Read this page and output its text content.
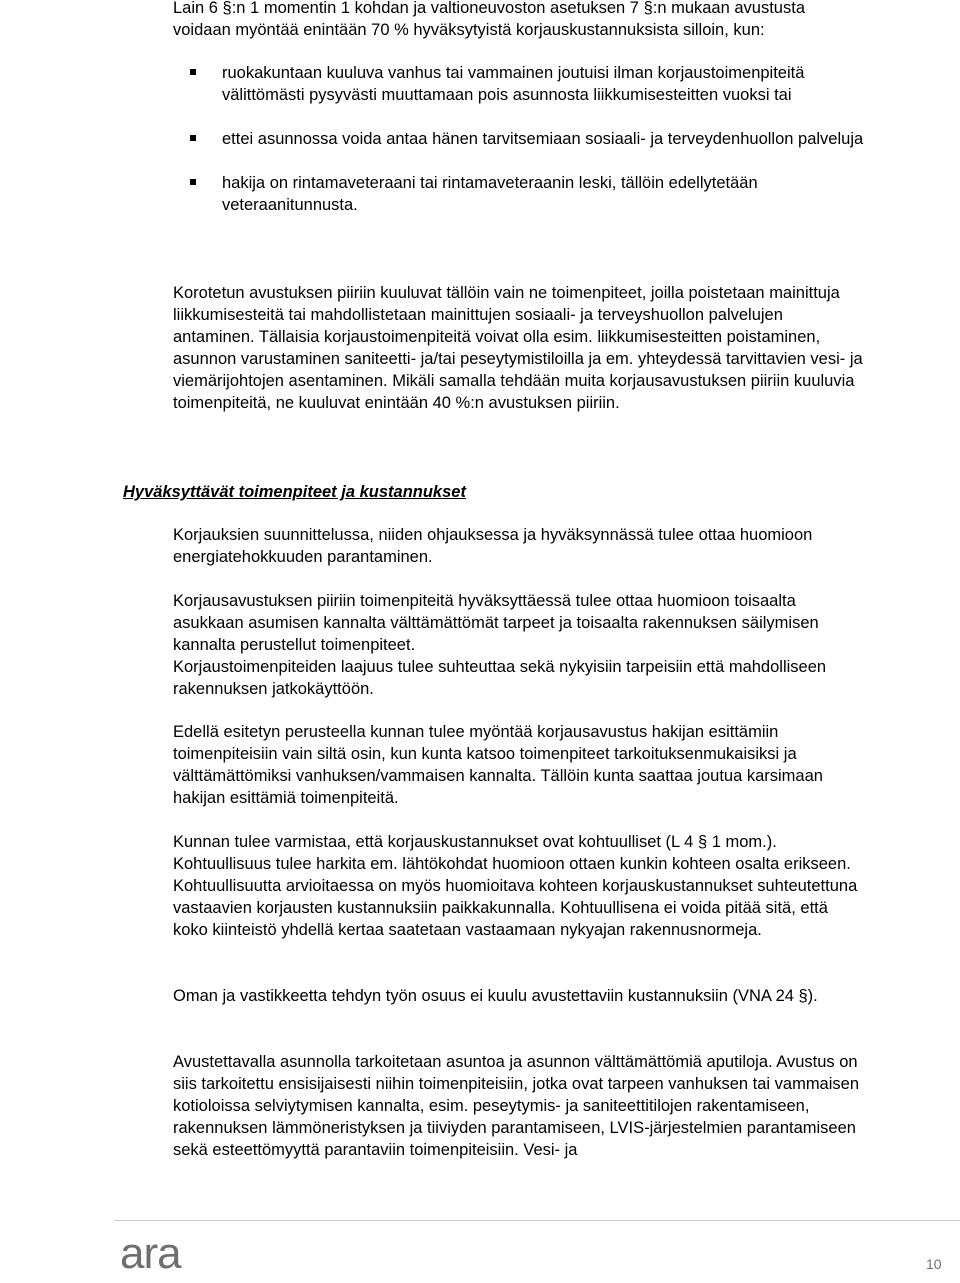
Lain 6 §:n 1 momentin 1 kohdan ja valtioneuvoston asetuksen 7 §:n mukaan avustusta voidaan myöntää enintään 70 % hyväksytyistä korjauskustannuksista silloin, kun:

ruokakuntaan kuuluva vanhus tai vammainen joutuisi ilman korjaustoimenpiteitä välittömästi pysyvästi muuttamaan pois asunnosta liikkumisesteitten vuoksi tai
ettei asunnossa voida antaa hänen tarvitsemiaan sosiaali- ja terveydenhuollon palveluja
hakija on rintamaveteraani tai rintamaveteraanin leski, tällöin edellytetään veteraanitunnusta.

Korotetun avustuksen piiriin kuuluvat tällöin vain ne toimenpiteet, joilla poistetaan mainittuja liikkumisesteitä tai mahdollistetaan mainittujen sosiaali- ja terveyshuollon palvelujen antaminen. Tällaisia korjaustoimenpiteitä voivat olla esim. liikkumisesteitten poistaminen, asunnon varustaminen saniteetti- ja/tai peseytymistiloilla ja em. yhteydessä tarvittavien vesi- ja viemärijohtojen asentaminen. Mikäli samalla tehdään muita korjausavustuksen piiriin kuuluvia toimenpiteitä, ne kuuluvat enintään 40 %:n avustuksen piiriin.

Hyväksyttävät toimenpiteet ja kustannukset

Korjauksien suunnittelussa, niiden ohjauksessa ja hyväksynnässä tulee ottaa huomioon energiatehokkuuden parantaminen.

Korjausavustuksen piiriin toimenpiteitä hyväksyttäessä tulee ottaa huomioon toisaalta asukkaan asumisen kannalta välttämättömät tarpeet ja toisaalta rakennuksen säilymisen kannalta perustellut toimenpiteet.

Korjaustoimenpiteiden laajuus tulee suhteuttaa sekä nykyisiin tarpeisiin että mahdolliseen rakennuksen jatkokäyttöön.

Edellä esitetyn perusteella kunnan tulee myöntää korjausavustus hakijan esittämiin toimenpiteisiin vain siltä osin, kun kunta katsoo toimenpiteet tarkoituksenmukaisiksi ja välttämättömiksi vanhuksen/vammaisen kannalta. Tällöin kunta saattaa joutua karsimaan hakijan esittämiä toimenpiteitä.

Kunnan tulee varmistaa, että korjauskustannukset ovat kohtuulliset (L 4 § 1 mom.). Kohtuullisuus tulee harkita em. lähtökohdat huomioon ottaen kunkin kohteen osalta erikseen. Kohtuullisuutta arvioitaessa on myös huomioitava kohteen korjauskustannukset suhteutettuna vastaavien korjausten kustannuksiin paikkakunnalla. Kohtuullisena ei voida pitää sitä, että koko kiinteistö yhdellä kertaa saatetaan vastaamaan nykyajan rakennusnormeja.

Oman ja vastikkeetta tehdyn työn osuus ei kuulu avustettaviin kustannuksiin (VNA 24 §).

Avustettavalla asunnolla tarkoitetaan asuntoa ja asunnon välttämättömiä aputiloja. Avustus on siis tarkoitettu ensisijaisesti niihin toimenpiteisiin, jotka ovat tarpeen vanhuksen tai vammaisen kotioloissa selviytymisen kannalta, esim. peseytymis- ja saniteettitilojen rakentamiseen, rakennuksen lämmöneristyksen ja tiiviyden parantamiseen, LVIS-järjestelmien parantamiseen sekä esteettömyyttä parantaviin toimenpiteisiin. Vesi- ja

ara	10
